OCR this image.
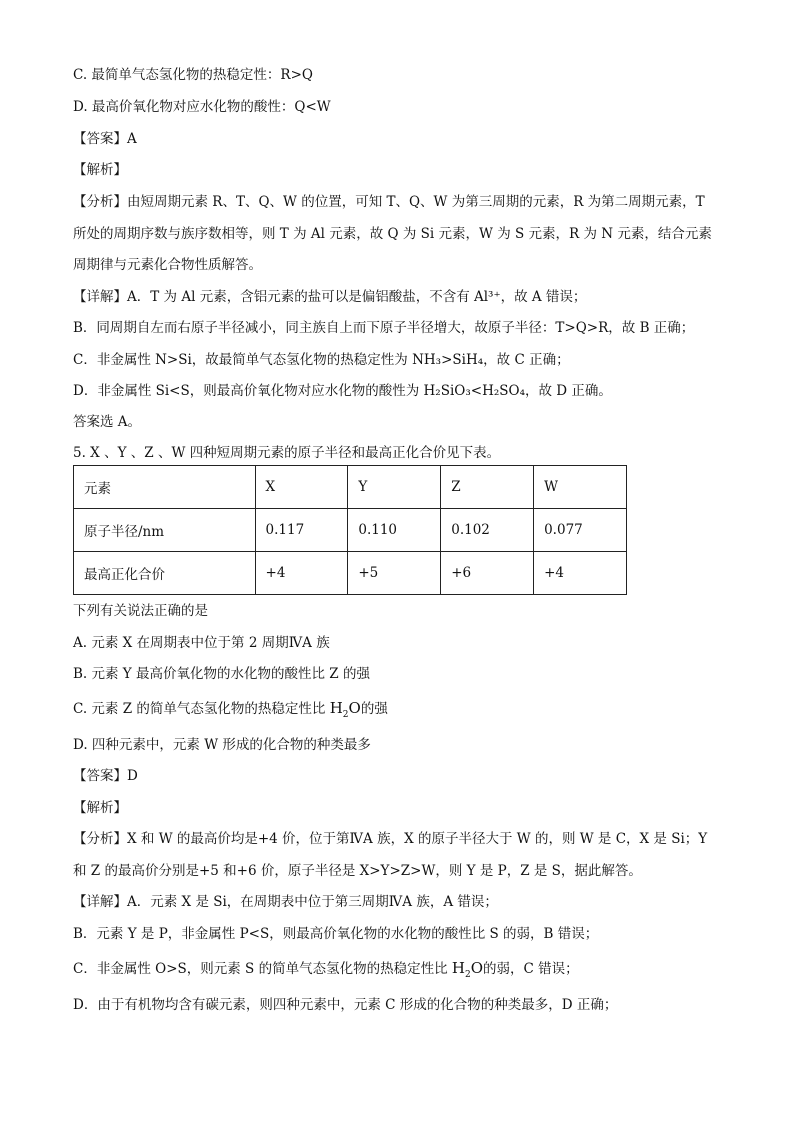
C. 最简单气态氢化物的热稳定性：R>Q
D. 最高价氧化物对应水化物的酸性：Q<W
【答案】A
【解析】
【分析】由短周期元素 R、T、Q、W 的位置，可知 T、Q、W 为第三周期的元素，R 为第二周期元素，T
所处的周期序数与族序数相等，则 T 为 Al 元素，故 Q 为 Si 元素，W 为 S 元素，R 为 N 元素，结合元素
周期律与元素化合物性质解答。
【详解】A．T 为 Al 元素，含铝元素的盐可以是偏铝酸盐，不含有 Al³⁺，故 A 错误；
B．同周期自左而右原子半径减小，同主族自上而下原子半径增大，故原子半径：T>Q>R，故 B 正确；
C．非金属性 N>Si，故最简单气态氢化物的热稳定性为 NH₃>SiH₄，故 C 正确；
D．非金属性 Si<S，则最高价氧化物对应水化物的酸性为 H₂SiO₃<H₂SO₄，故 D 正确。
答案选 A。
5. X 、Y 、Z 、W 四种短周期元素的原子半径和最高正化合价见下表。
元素	X	Y	Z	W
原子半径/nm	0.117	0.110	0.102	0.077
最高正化合价	+4	+5	+6	+4
下列有关说法正确的是
A. 元素 X 在周期表中位于第 2 周期ⅣA 族
B. 元素 Y 最高价氧化物的水化物的酸性比 Z 的强
C. 元素 Z 的简单气态氢化物的热稳定性比 $H_2O$的强
D. 四种元素中，元素 W 形成的化合物的种类最多
【答案】D
【解析】
【分析】X 和 W 的最高价均是+4 价，位于第ⅣA 族，X 的原子半径大于 W 的，则 W 是 C，X 是 Si；Y
和 Z 的最高价分别是+5 和+6 价，原子半径是 X>Y>Z>W，则 Y 是 P，Z 是 S，据此解答。
【详解】A．元素 X 是 Si，在周期表中位于第三周期ⅣA 族，A 错误；
B．元素 Y 是 P，非金属性 P<S，则最高价氧化物的水化物的酸性比 S 的弱，B 错误；
C．非金属性 O>S，则元素 S 的简单气态氢化物的热稳定性比 $H_2O$的弱，C 错误；
D．由于有机物均含有碳元素，则四种元素中，元素 C 形成的化合物的种类最多，D 正确；
